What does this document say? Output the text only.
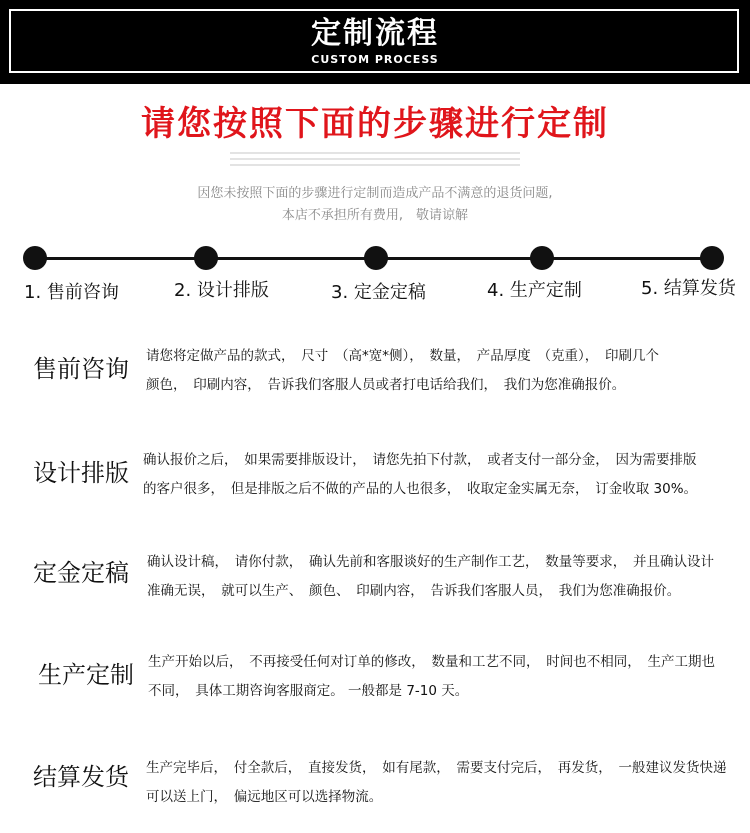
定制流程
CUSTOM PROCESS
请您按照下面的步骤进行定制
因您未按照下面的步骤进行定制而造成产品不满意的退货问题,
本店不承担所有费用,　敬请谅解
1. 售前咨询	2. 设计排版	3. 定金定稿	4. 生产定制	5. 结算发货
售前咨询 请您将定做产品的款式，　尺寸　（高*宽*侧），　数量，　产品厚度　（克重），　印刷几个
颜色，　印刷内容，　告诉我们客服人员或者打电话给我们，　我们为您准确报价。
设计排版 确认报价之后，　如果需要排版设计，　请您先拍下付款，　或者支付一部分金，　因为需要排版
的客户很多，　但是排版之后不做的产品的人也很多，　收取定金实属无奈，　订金收取 30%。
定金定稿 确认设计稿，　请你付款，　确认先前和客服谈好的生产制作工艺，　数量等要求，　并且确认设计
准确无误，　就可以生产、　颜色、　印刷内容，　告诉我们客服人员，　我们为您准确报价。
生产定制 生产开始以后，　不再接受任何对订单的修改，　数量和工艺不同，　时间也不相同，　生产工期也
不同，　具体工期咨询客服商定。 一般都是 7-10 天。
结算发货 生产完毕后，　付全款后，　直接发货，　如有尾款，　需要支付完后，　再发货，　一般建议发货快递
可以送上门，　偏远地区可以选择物流。
